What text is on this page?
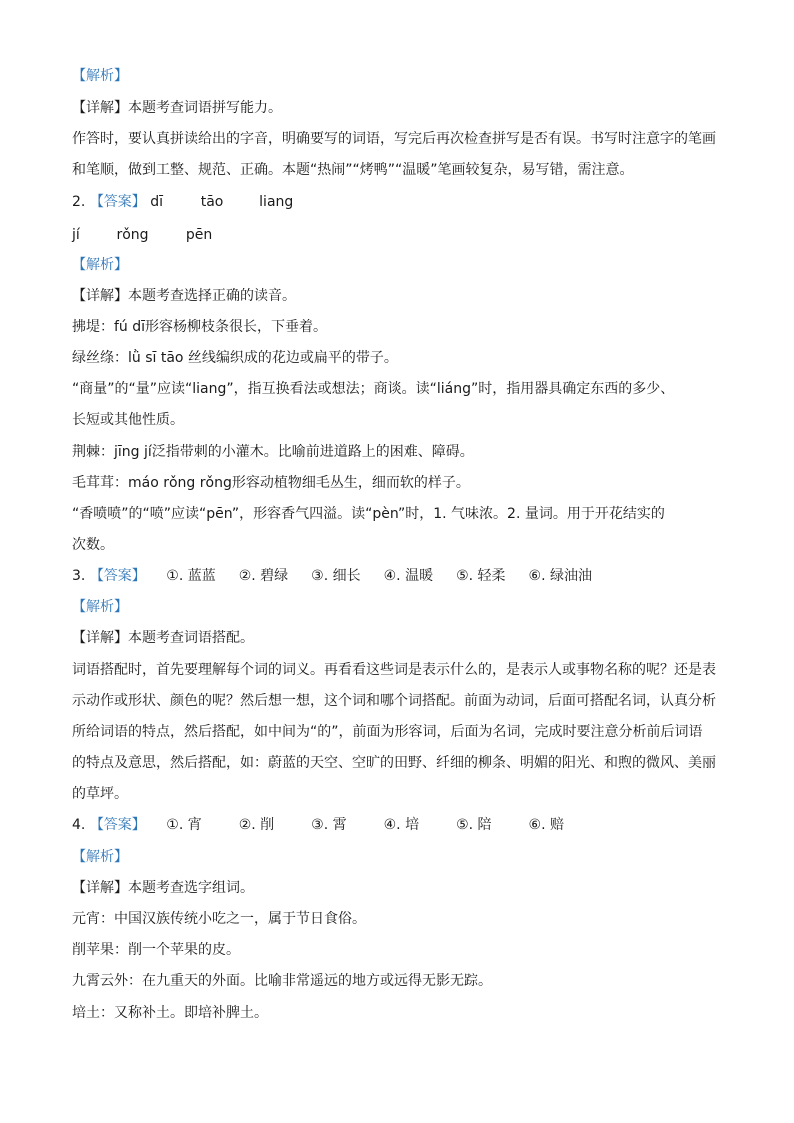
【解析】
【详解】本题考查词语拼写能力。
作答时，要认真拼读给出的字音，明确要写的词语，写完后再次检查拼写是否有误。书写时注意字的笔画
和笔顺，做到工整、规范、正确。本题“热闹”“烤鸭”“温暖”笔画较复杂，易写错，需注意。
2. 【答案】 dī	tāo	liang
jí	rǒng	pēn
【解析】
【详解】本题考查选择正确的读音。
拂堤：fú dī形容杨柳枝条很长，下垂着。
绿丝绦：lǜ sī tāo 丝线编织成的花边或扁平的带子。
“商量”的“量”应读“liang”，指互换看法或想法；商谈。读“liáng”时，指用器具确定东西的多少、
长短或其他性质。
荆棘：jīng jí泛指带刺的小灌木。比喻前进道路上的困难、障碍。
毛茸茸：máo rǒng rǒng形容动植物细毛丛生，细而软的样子。
“香喷喷”的“喷”应读“pēn”，形容香气四溢。读“pèn”时，1. 气味浓。2. 量词。用于开花结实的
次数。
3. 【答案】 ①. 蓝蓝 ②. 碧绿 ③. 细长 ④. 温暖 ⑤. 轻柔 ⑥. 绿油油
【解析】
【详解】本题考查词语搭配。
词语搭配时，首先要理解每个词的词义。再看看这些词是表示什么的，是表示人或事物名称的呢？还是表
示动作或形状、颜色的呢？然后想一想，这个词和哪个词搭配。前面为动词，后面可搭配名词，认真分析
所给词语的特点，然后搭配，如中间为“的”，前面为形容词，后面为名词，完成时要注意分析前后词语
的特点及意思，然后搭配，如：蔚蓝的天空、空旷的田野、纤细的柳条、明媚的阳光、和煦的微风、美丽
的草坪。
4. 【答案】 ①. 宵	②. 削	③. 霄	④. 培	⑤. 陪	⑥. 赔
【解析】
【详解】本题考查选字组词。
元宵：中国汉族传统小吃之一，属于节日食俗。
削苹果：削一个苹果的皮。
九霄云外：在九重天的外面。比喻非常遥远的地方或远得无影无踪。
培土：又称补土。即培补脾土。
